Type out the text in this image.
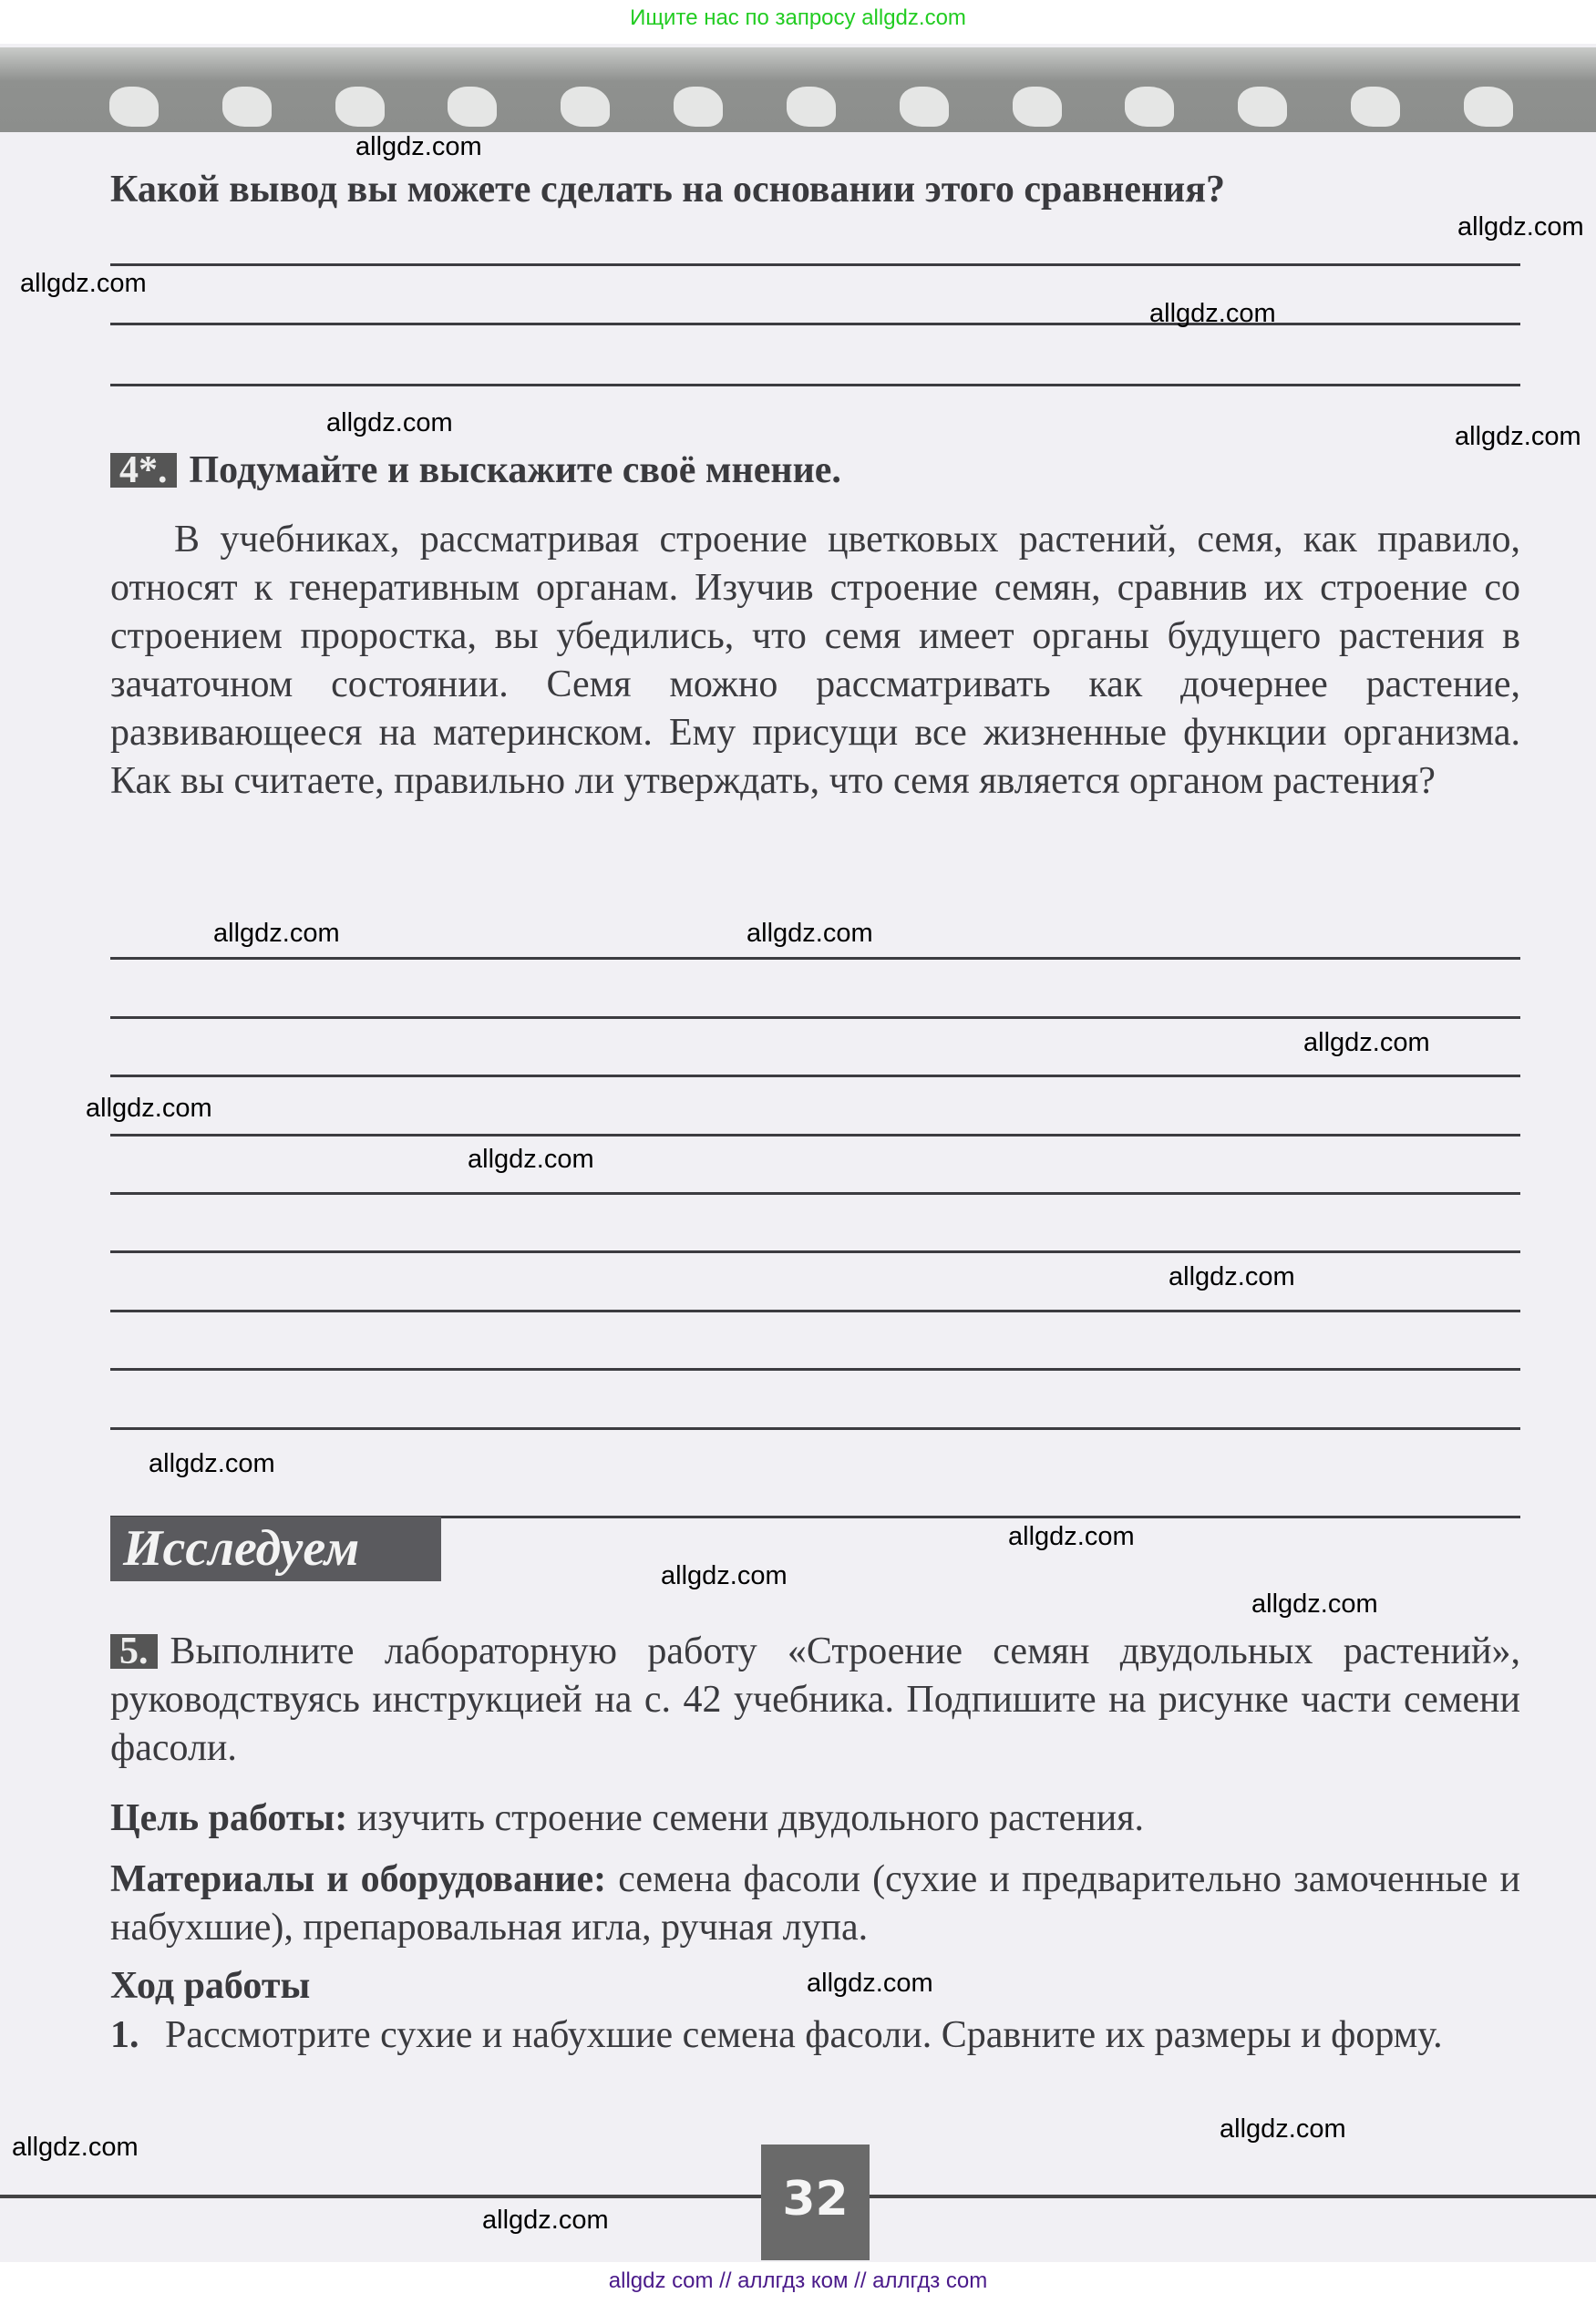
Ищите нас по запросу allgdz.com
Какой вывод вы можете сделать на основании этого сравнения?
4*. Подумайте и выскажите своё мнение.
В учебниках, рассматривая строение цветковых растений, семя, как правило, относят к генеративным органам. Изучив строение семян, сравнив их строение со строением проростка, вы убедились, что семя имеет органы будущего растения в зачаточном состоянии. Семя можно рассматривать как дочернее растение, развивающееся на материнском. Ему присущи все жизненные функции организма. Как вы считаете, правильно ли утверждать, что семя является органом растения?
Исследуем
5. Выполните лабораторную работу «Строение семян двудольных растений», руководствуясь инструкцией на с. 42 учебника. Подпишите на рисунке части семени фасоли.
Цель работы: изучить строение семени двудольного растения.
Материалы и оборудование: семена фасоли (сухие и предварительно замоченные и набухшие), препаровальная игла, ручная лупа.
Ход работы
1. Рассмотрите сухие и набухшие семена фасоли. Сравните их размеры и форму.
32
allgdz com // аллгдз ком // аллгдз com
allgdz.com
allgdz.com
allgdz.com
allgdz.com
allgdz.com
allgdz.com
allgdz.com
allgdz.com
allgdz.com
allgdz.com
allgdz.com
allgdz.com
allgdz.com
allgdz.com
allgdz.com
allgdz.com
allgdz.com
allgdz.com
allgdz.com
allgdz.com
